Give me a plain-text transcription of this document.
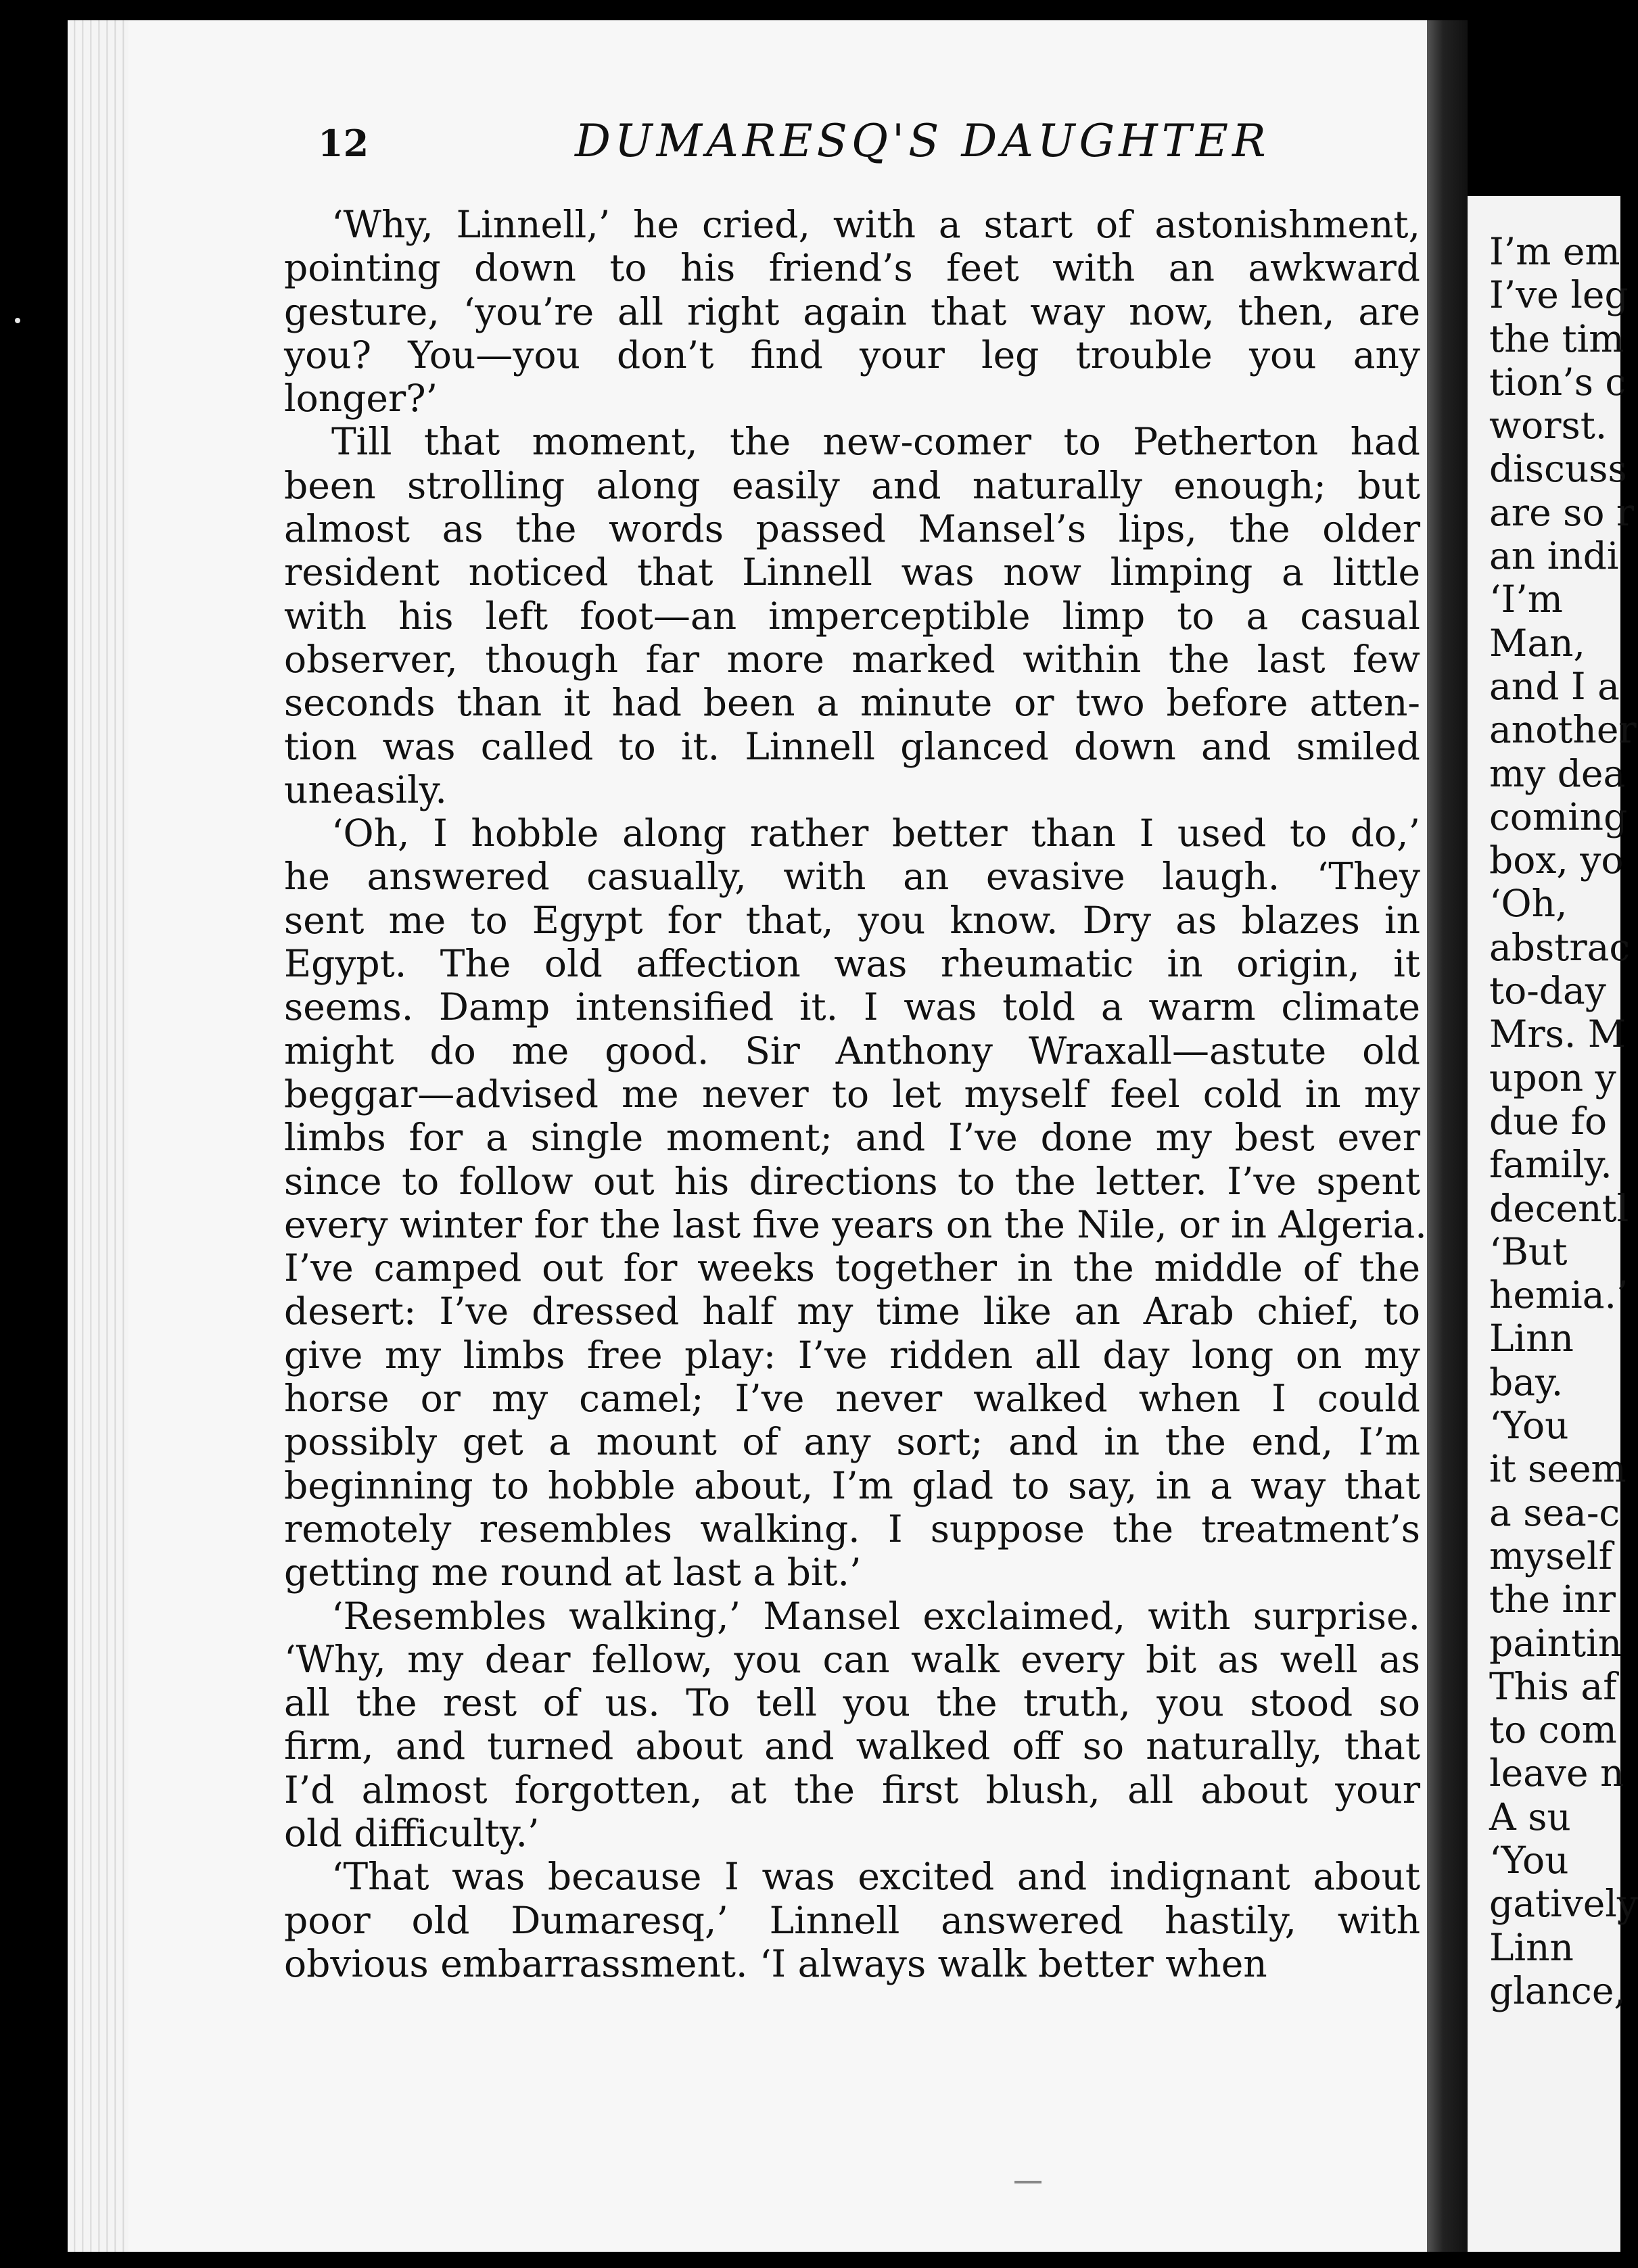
I’m em
I’ve leg
the tim
tion’s c
worst.
discuss
are so r
an indi
‘I’m
Man,
and I a
another
my dea
coming
box, yo
‘Oh,
abstrac
to-day
Mrs. M
upon y
due fo
family.
decentl
‘But
hemia.’
Linn
bay.
‘You
it seem
a sea-c
myself
the inr
paintin
This af
to com
leave n
A su
‘You
gatively
Linn
glance,
12	DUMARESQ'S DAUGHTER
‘Why, Linnell,’ he cried, with a start of astonishment,
pointing down to his friend’s feet with an awkward
gesture, ‘you’re all right again that way now, then, are
you? You—you don’t find your leg trouble you any
longer?’
Till that moment, the new-comer to Petherton had
been strolling along easily and naturally enough; but
almost as the words passed Mansel’s lips, the older
resident noticed that Linnell was now limping a little
with his left foot—an imperceptible limp to a casual
observer, though far more marked within the last few
seconds than it had been a minute or two before atten-
tion was called to it. Linnell glanced down and smiled
uneasily.
‘Oh, I hobble along rather better than I used to do,’
he answered casually, with an evasive laugh. ‘They
sent me to Egypt for that, you know. Dry as blazes in
Egypt. The old affection was rheumatic in origin, it
seems. Damp intensified it. I was told a warm climate
might do me good. Sir Anthony Wraxall—astute old
beggar—advised me never to let myself feel cold in my
limbs for a single moment; and I’ve done my best ever
since to follow out his directions to the letter. I’ve spent
every winter for the last five years on the Nile, or in Algeria.
I’ve camped out for weeks together in the middle of the
desert: I’ve dressed half my time like an Arab chief, to
give my limbs free play: I’ve ridden all day long on my
horse or my camel; I’ve never walked when I could
possibly get a mount of any sort; and in the end, I’m
beginning to hobble about, I’m glad to say, in a way that
remotely resembles walking. I suppose the treatment’s
getting me round at last a bit.’
‘Resembles walking,’ Mansel exclaimed, with surprise.
‘Why, my dear fellow, you can walk every bit as well as
all the rest of us. To tell you the truth, you stood so
firm, and turned about and walked off so naturally, that
I’d almost forgotten, at the first blush, all about your
old difficulty.’
‘That was because I was excited and indignant about
poor old Dumaresq,’ Linnell answered hastily, with
obvious embarrassment. ‘I always walk better when
